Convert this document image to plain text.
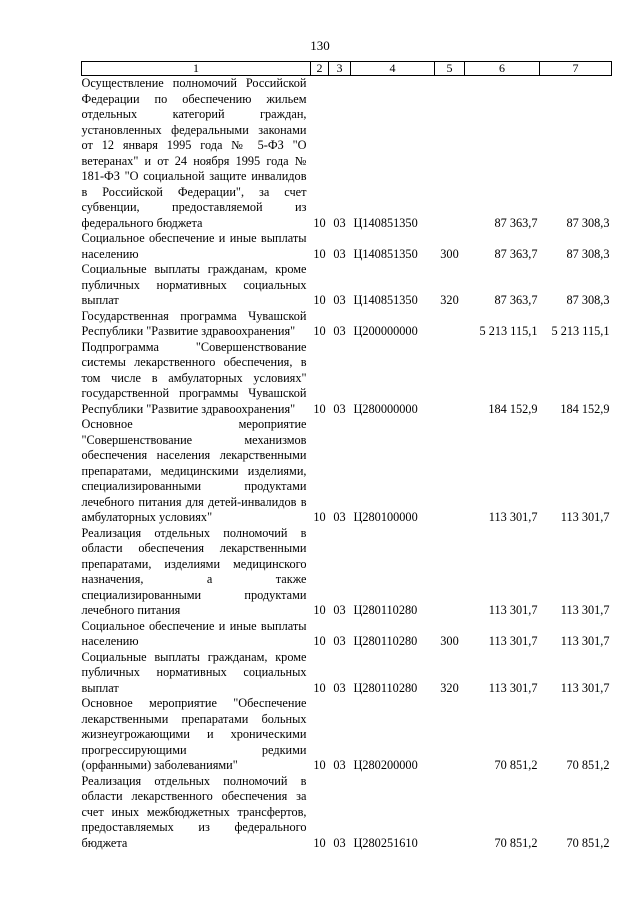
130
1	2	3	4	5	6	7
Осуществление полномочий Российской Федерации по обеспечению жильем отдельных категорий граждан, установленных федеральными законами от 12 января 1995 года № 5-ФЗ "О ветеранах" и от 24 ноября 1995 года № 181-ФЗ "О социальной защите инвалидов в Российской Федерации", за счет субвенции, предоставляемой из федерального бюджета	10	03	Ц140851350		87 363,7	87 308,3
Социальное обеспечение и иные выплаты населению	10	03	Ц140851350	300	87 363,7	87 308,3
Социальные выплаты гражданам, кроме публичных нормативных социальных выплат	10	03	Ц140851350	320	87 363,7	87 308,3
Государственная программа Чувашской Республики "Развитие здравоохранения"	10	03	Ц200000000		5 213 115,1	5 213 115,1
Подпрограмма "Совершенствование системы лекарственного обеспечения, в том числе в амбулаторных условиях" государственной программы Чувашской Республики "Развитие здравоохранения"	10	03	Ц280000000		184 152,9	184 152,9
Основное мероприятие "Совершенствование механизмов обеспечения населения лекарственными препаратами, медицинскими изделиями, специализированными продуктами лечебного питания для детей-инвалидов в амбулаторных условиях"	10	03	Ц280100000		113 301,7	113 301,7
Реализация отдельных полномочий в области обеспечения лекарственными препаратами, изделиями медицинского назначения, а также специализированными продуктами лечебного питания	10	03	Ц280110280		113 301,7	113 301,7
Социальное обеспечение и иные выплаты населению	10	03	Ц280110280	300	113 301,7	113 301,7
Социальные выплаты гражданам, кроме публичных нормативных социальных выплат	10	03	Ц280110280	320	113 301,7	113 301,7
Основное мероприятие "Обеспечение лекарственными препаратами больных жизнеугрожающими и хроническими прогрессирующими редкими (орфанными) заболеваниями"	10	03	Ц280200000		70 851,2	70 851,2
Реализация отдельных полномочий в области лекарственного обеспечения за счет иных межбюджетных трансфертов, предоставляемых из федерального бюджета	10	03	Ц280251610		70 851,2	70 851,2
